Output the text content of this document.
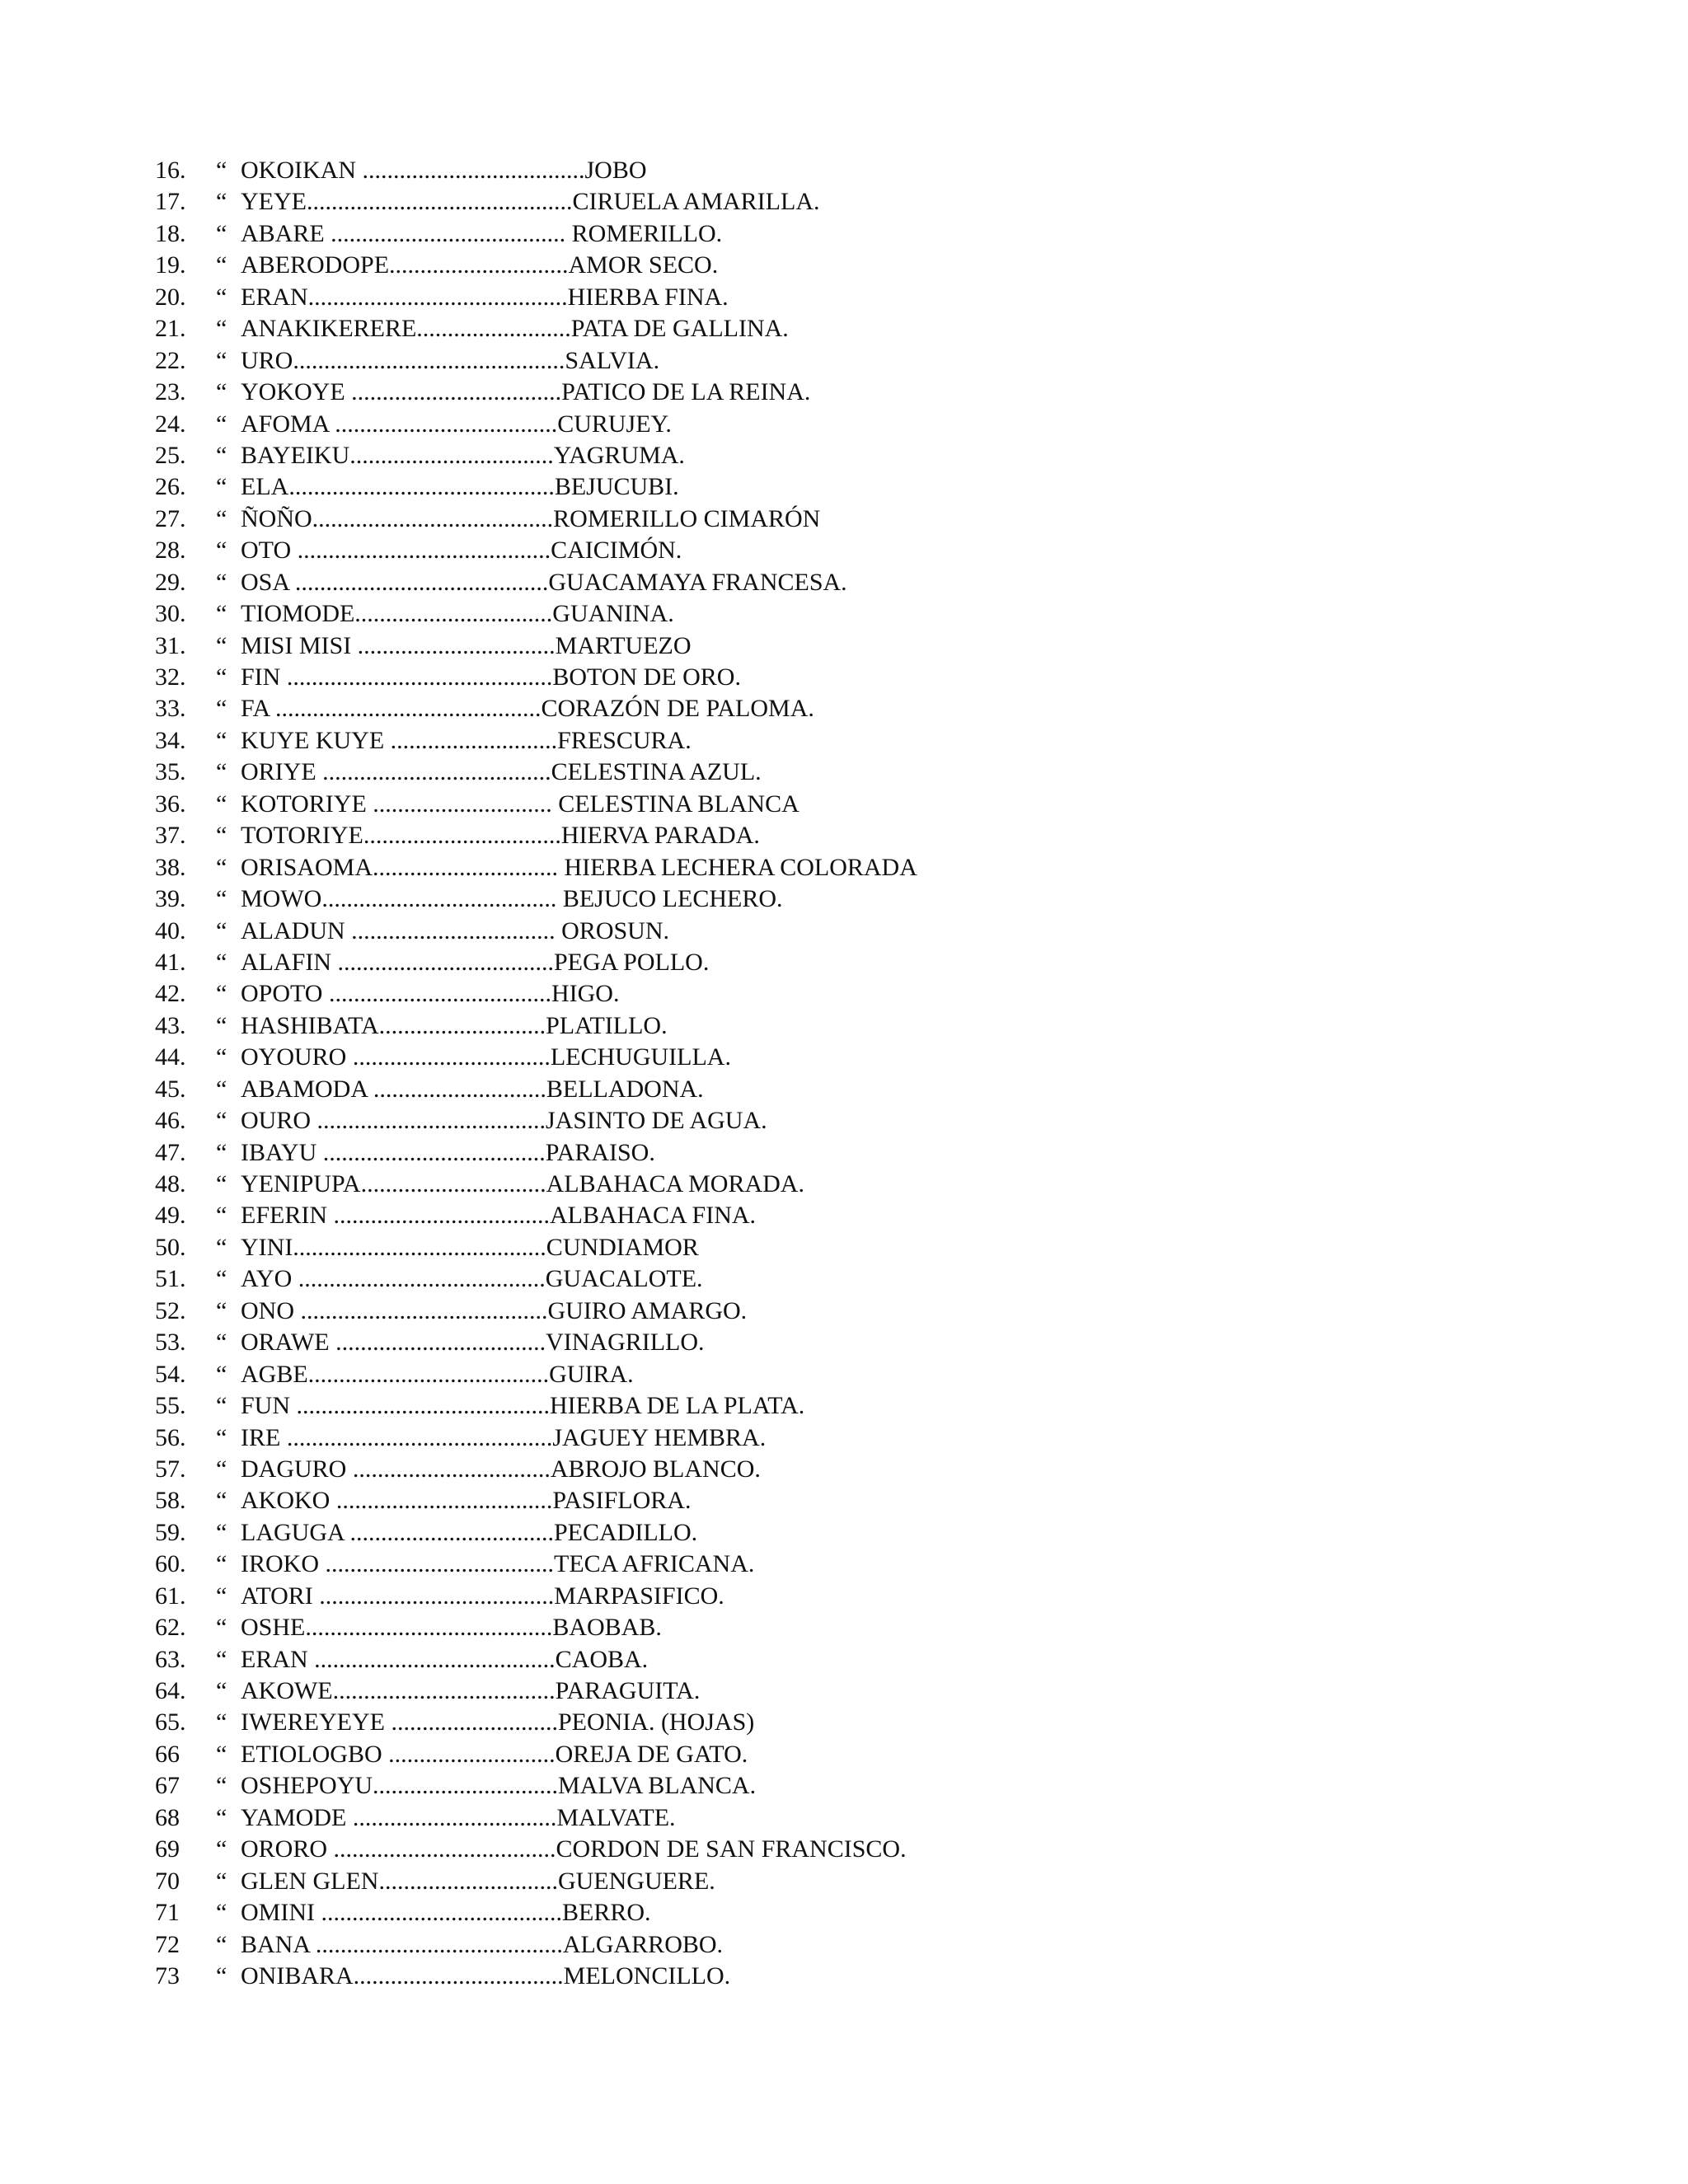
16. “ OKOIKAN ....................................JOBO
17. “ YEYE...........................................CIRUELA AMARILLA.
18. “ ABARE ...................................... ROMERILLO.
19. “ ABERODOPE.............................AMOR SECO.
20. “ ERAN..........................................HIERBA FINA.
21. “ ANAKIKERERE.........................PATA DE GALLINA.
22. “ URO............................................SALVIA.
23. “ YOKOYE ..................................PATICO DE LA REINA.
24. “ AFOMA ....................................CURUJEY.
25. “ BAYEIKU.................................YAGRUMA.
26. “ ELA...........................................BEJUCUBI.
27. “ ÑOÑO.......................................ROMERILLO CIMARÓN
28. “ OTO .........................................CAICIMÓN.
29. “ OSA .........................................GUACAMAYA FRANCESA.
30. “ TIOMODE................................GUANINA.
31. “ MISI MISI ................................MARTUEZO
32. “ FIN ...........................................BOTON DE ORO.
33. “ FA ...........................................CORAZÓN DE PALOMA.
34. “ KUYE KUYE ...........................FRESCURA.
35. “ ORIYE .....................................CELESTINA AZUL.
36. “ KOTORIYE ............................. CELESTINA BLANCA
37. “ TOTORIYE................................HIERVA PARADA.
38. “ ORISAOMA.............................. HIERBA LECHERA COLORADA
39. “ MOWO...................................... BEJUCO LECHERO.
40. “ ALADUN ................................. OROSUN.
41. “ ALAFIN ...................................PEGA POLLO.
42. “ OPOTO ....................................HIGO.
43. “ HASHIBATA...........................PLATILLO.
44. “ OYOURO ................................LECHUGUILLA.
45. “ ABAMODA ............................BELLADONA.
46. “ OURO .....................................JASINTO DE AGUA.
47. “ IBAYU ....................................PARAISO.
48. “ YENIPUPA..............................ALBAHACA MORADA.
49. “ EFERIN ...................................ALBAHACA FINA.
50. “ YINI.........................................CUNDIAMOR
51. “ AYO ........................................GUACALOTE.
52. “ ONO ........................................GUIRO AMARGO.
53. “ ORAWE ..................................VINAGRILLO.
54. “ AGBE.......................................GUIRA.
55. “ FUN .........................................HIERBA DE LA PLATA.
56. “ IRE ...........................................JAGUEY HEMBRA.
57. “ DAGURO ................................ABROJO BLANCO.
58. “ AKOKO ...................................PASIFLORA.
59. “ LAGUGA .................................PECADILLO.
60. “ IROKO .....................................TECA AFRICANA.
61. “ ATORI ......................................MARPASIFICO.
62. “ OSHE........................................BAOBAB.
63. “ ERAN .......................................CAOBA.
64. “ AKOWE....................................PARAGUITA.
65. “ IWEREYEYE ...........................PEONIA. (HOJAS)
66 “ ETIOLOGBO ...........................OREJA DE GATO.
67 “ OSHEPOYU..............................MALVA BLANCA.
68 “ YAMODE .................................MALVATE.
69 “ ORORO ....................................CORDON DE SAN FRANCISCO.
70 “ GLEN GLEN.............................GUENGUERE.
71 “ OMINI .......................................BERRO.
72 “ BANA ........................................ALGARROBO.
73 “ ONIBARA..................................MELONCILLO.
